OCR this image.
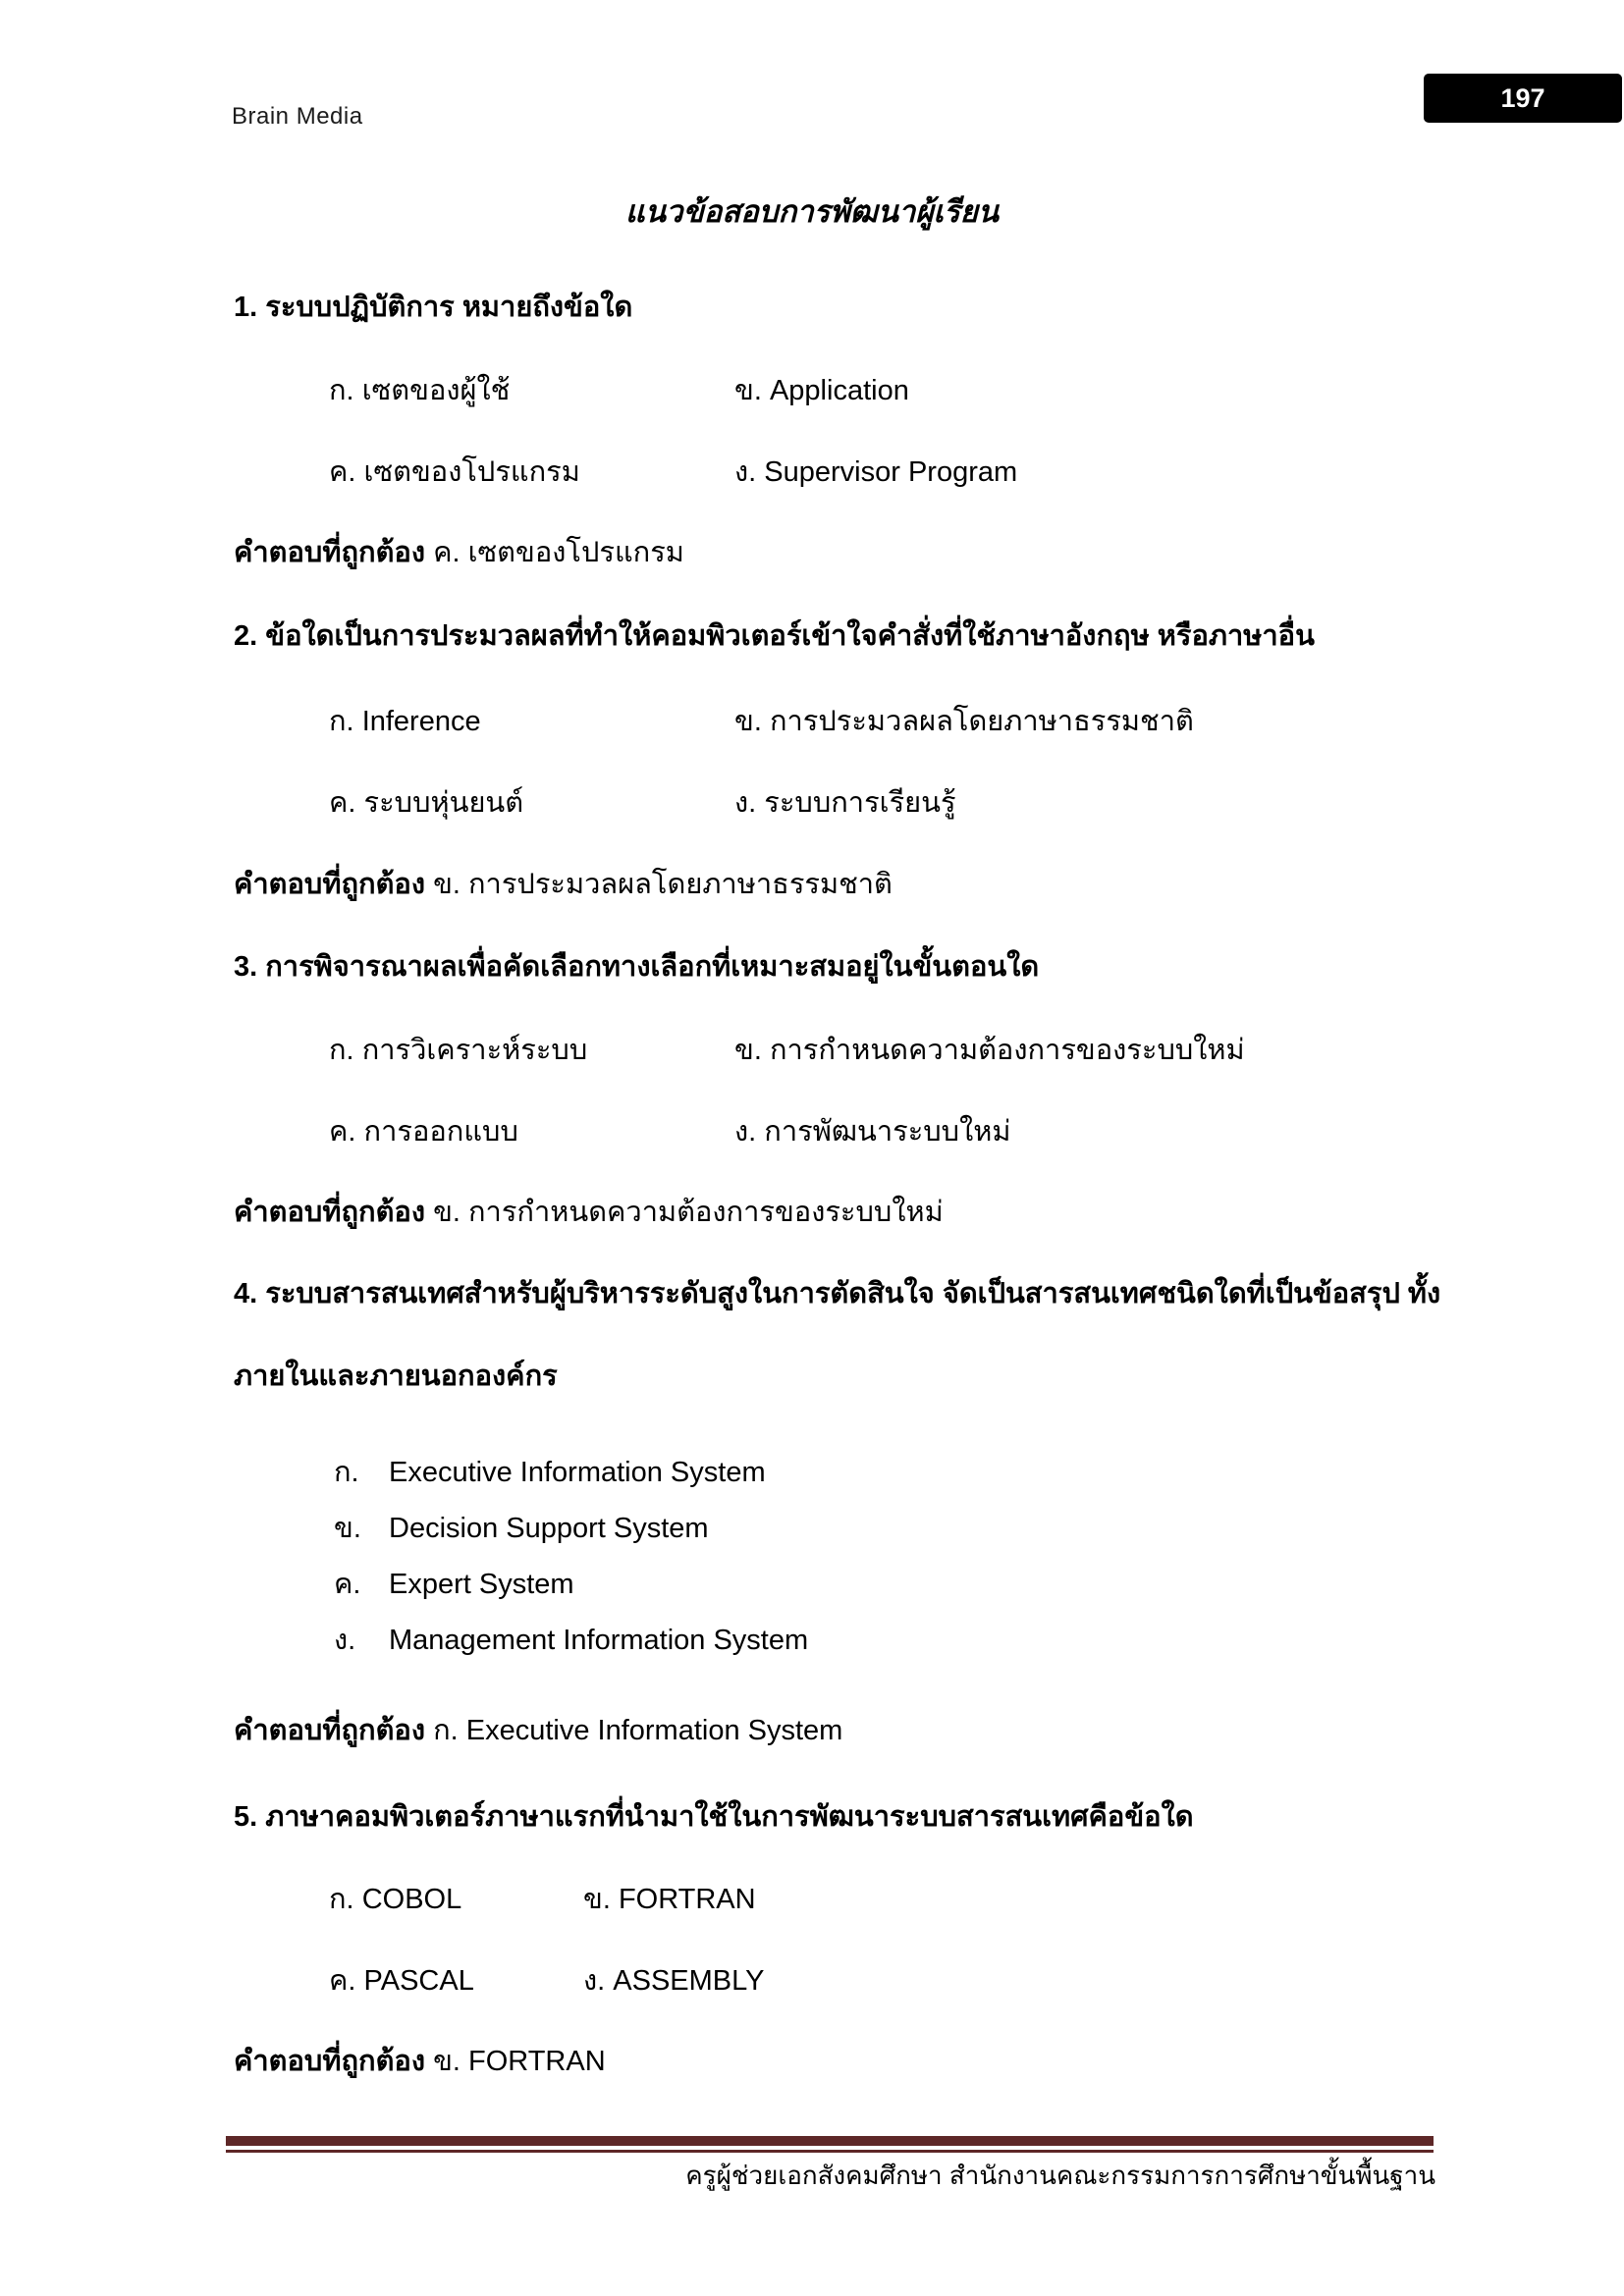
Brain Media
197
แนวข้อสอบการพัฒนาผู้เรียน
1. ระบบปฏิบัติการ หมายถึงข้อใด
ก. เซตของผู้ใช้	ข. Application
ค. เซตของโปรแกรม	ง. Supervisor Program
คำตอบที่ถูกต้อง ค. เซตของโปรแกรม
2. ข้อใดเป็นการประมวลผลที่ทำให้คอมพิวเตอร์เข้าใจคำสั่งที่ใช้ภาษาอังกฤษ หรือภาษาอื่น
ก. Inference	ข. การประมวลผลโดยภาษาธรรมชาติ
ค. ระบบหุ่นยนต์	ง. ระบบการเรียนรู้
คำตอบที่ถูกต้อง ข. การประมวลผลโดยภาษาธรรมชาติ
3. การพิจารณาผลเพื่อคัดเลือกทางเลือกที่เหมาะสมอยู่ในขั้นตอนใด
ก. การวิเคราะห์ระบบ	ข. การกำหนดความต้องการของระบบใหม่
ค. การออกแบบ	ง. การพัฒนาระบบใหม่
คำตอบที่ถูกต้อง ข. การกำหนดความต้องการของระบบใหม่
4. ระบบสารสนเทศสำหรับผู้บริหารระดับสูงในการตัดสินใจ จัดเป็นสารสนเทศชนิดใดที่เป็นข้อสรุป ทั้งภายในและภายนอกองค์กร
ก. Executive Information System
ข. Decision Support System
ค. Expert System
ง. Management Information System
คำตอบที่ถูกต้อง ก. Executive Information System
5. ภาษาคอมพิวเตอร์ภาษาแรกที่นำมาใช้ในการพัฒนาระบบสารสนเทศคือข้อใด
ก. COBOL	ข. FORTRAN
ค. PASCAL	ง. ASSEMBLY
คำตอบที่ถูกต้อง ข. FORTRAN
ครูผู้ช่วยเอกสังคมศึกษา สำนักงานคณะกรรมการการศึกษาขั้นพื้นฐาน
